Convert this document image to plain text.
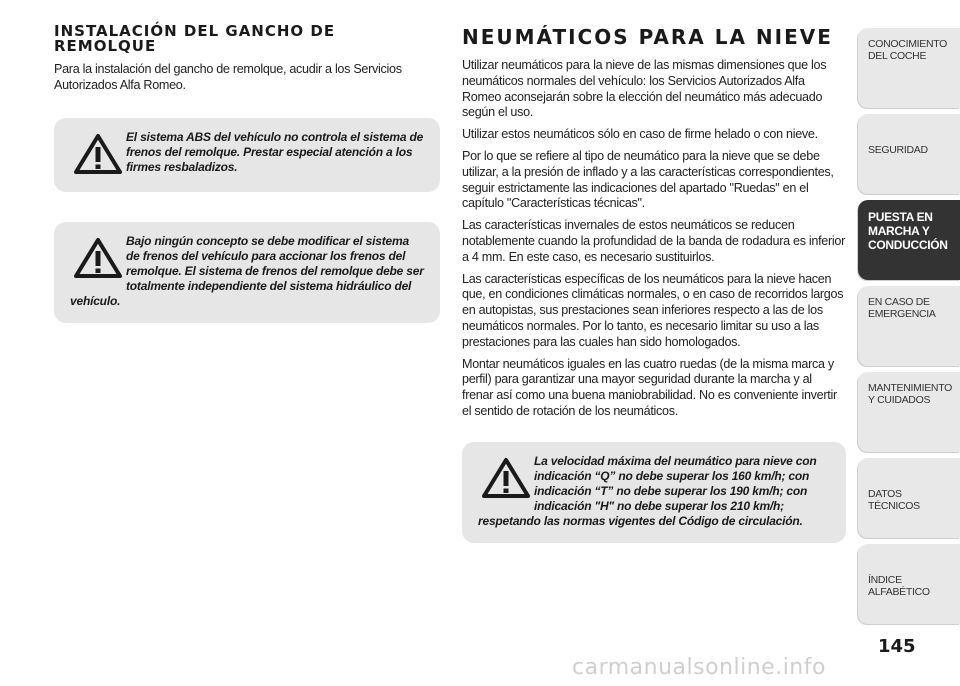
INSTALACIÓN DEL GANCHO DE REMOLQUE

Para la instalación del gancho de remolque, acudir a los Servicios Autorizados Alfa Romeo.

El sistema ABS del vehículo no controla el sistema de frenos del remolque. Prestar especial atención a los firmes resbaladizos.

Bajo ningún concepto se debe modificar el sistema de frenos del vehículo para accionar los frenos del remolque. El sistema de frenos del remolque debe ser totalmente independiente del sistema hidráulico del vehículo.

NEUMÁTICOS PARA LA NIEVE

Utilizar neumáticos para la nieve de las mismas dimensiones que los neumáticos normales del vehículo: los Servicios Autorizados Alfa Romeo aconsejarán sobre la elección del neumático más adecuado según el uso.

Utilizar estos neumáticos sólo en caso de firme helado o con nieve.

Por lo que se refiere al tipo de neumático para la nieve que se debe utilizar, a la presión de inflado y a las características correspondientes, seguir estrictamente las indicaciones del apartado "Ruedas" en el capítulo "Características técnicas".

Las características invernales de estos neumáticos se reducen notablemente cuando la profundidad de la banda de rodadura es inferior a 4 mm. En este caso, es necesario sustituirlos.

Las características específicas de los neumáticos para la nieve hacen que, en condiciones climáticas normales, o en caso de recorridos largos en autopistas, sus prestaciones sean inferiores respecto a las de los neumáticos normales. Por lo tanto, es necesario limitar su uso a las prestaciones para las cuales han sido homologados.

Montar neumáticos iguales en las cuatro ruedas (de la misma marca y perfil) para garantizar una mayor seguridad durante la marcha y al frenar así como una buena maniobrabilidad. No es conveniente invertir el sentido de rotación de los neumáticos.

La velocidad máxima del neumático para nieve con indicación “Q” no debe superar los 160 km/h; con indicación “T” no debe superar los 190 km/h; con indicación "H" no debe superar los 210 km/h; respetando las normas vigentes del Código de circulación.

CONOCIMIENTO DEL COCHE
SEGURIDAD
PUESTA EN MARCHA Y CONDUCCIÓN
EN CASO DE EMERGENCIA
MANTENIMIENTO Y CUIDADOS
DATOS TÉCNICOS
ÍNDICE ALFABÉTICO
145
carmanualsonline.info
